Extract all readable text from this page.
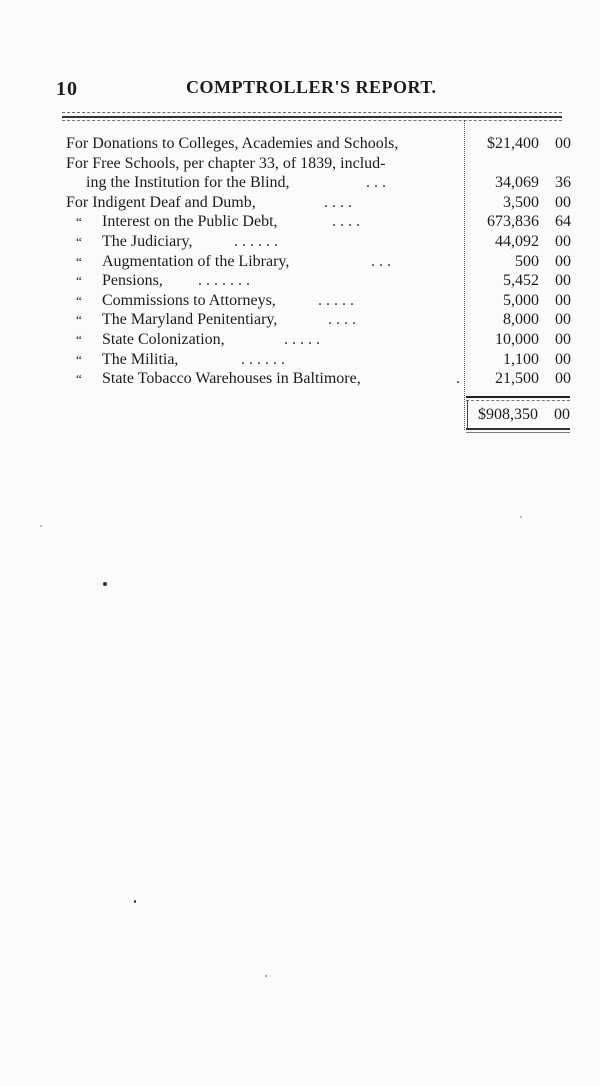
10	COMPTROLLER'S REPORT.
For Donations to Colleges, Academies and Schools,	$21,400 00
For Free Schools, per chapter 33, of 1839, includ-
ing the Institution for the Blind,	. . .	34,069 36
For Indigent Deaf and Dumb,	. . . .	3,500 00
“ Interest on the Public Debt,	. . . .	673,836 64
“ The Judiciary,	. . . . . .	44,092 00
“ Augmentation of the Library,	. . .	500 00
“ Pensions, . . . . . . .	5,452 00
“ Commissions to Attorneys,	. . . . .	5,000 00
“ The Maryland Penitentiary,	. . . .	8,000 00
“ State Colonization,	. . . . .	10,000 00
“ The Militia,	. . . . . .	1,100 00
“ State Tobacco Warehouses in Baltimore,	.	21,500 00
$908,350 00
